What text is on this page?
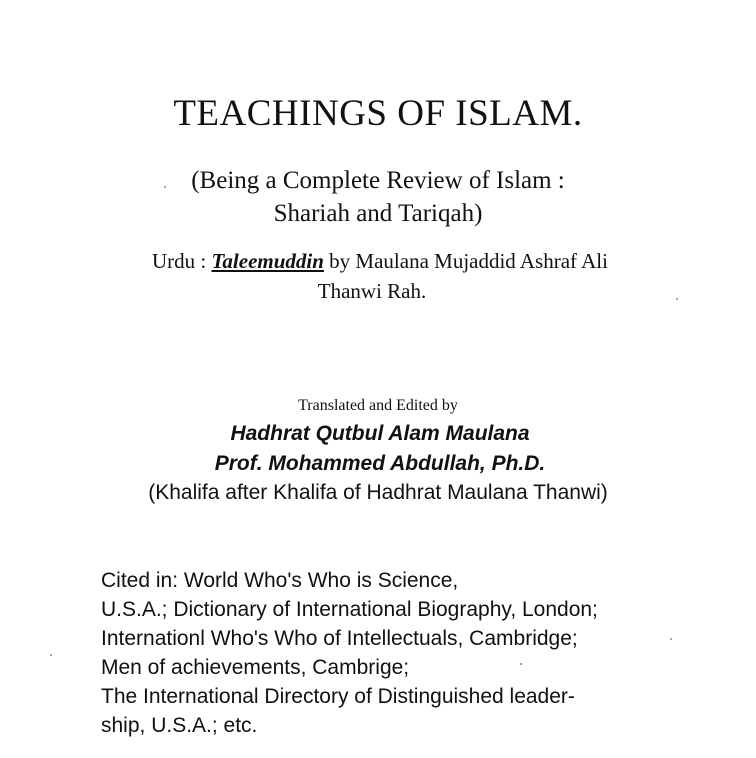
TEACHINGS OF ISLAM.
(Being a Complete Review of Islam :
Shariah and Tariqah)
Urdu : Taleemuddin by Maulana Mujaddid Ashraf Ali
Thanwi Rah.
Translated and Edited by
Hadhrat Qutbul Alam Maulana
Prof. Mohammed Abdullah, Ph.D.
(Khalifa after Khalifa of Hadhrat Maulana Thanwi)
Cited in: World Who's Who is Science,
U.S.A.; Dictionary of International Biography, London;
Internationl Who's Who of Intellectuals, Cambridge;
Men of achievements, Cambrige;
The International Directory of Distinguished leader-
ship, U.S.A.; etc.
